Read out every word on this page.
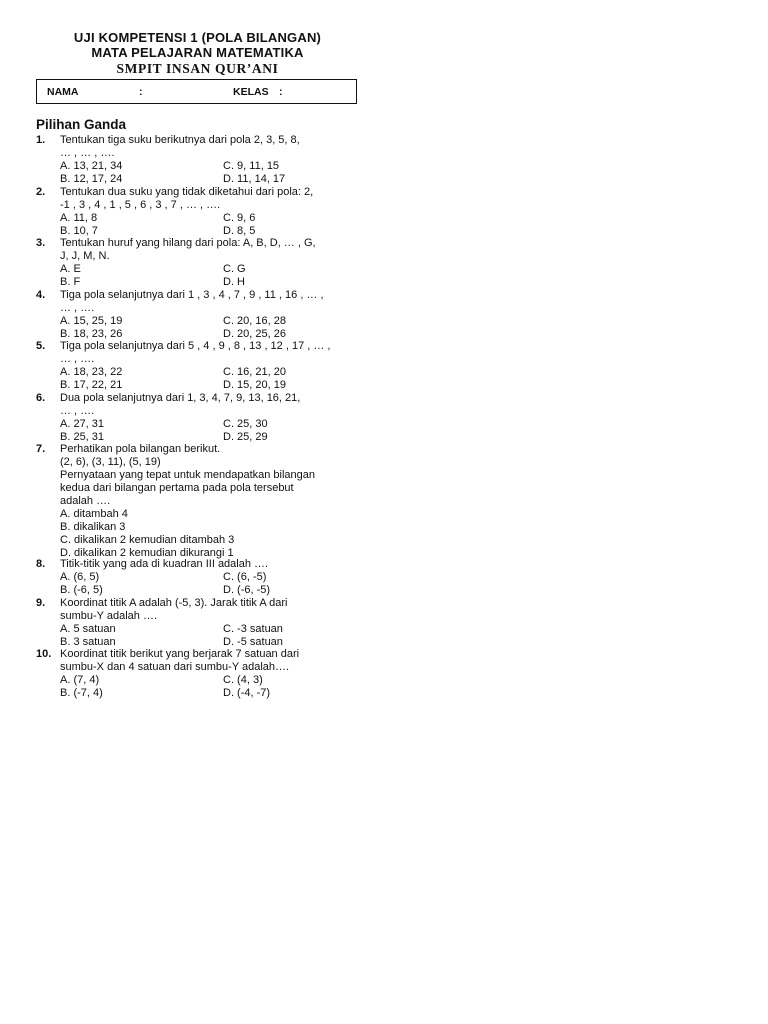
UJI KOMPETENSI 1 (POLA BILANGAN)
MATA PELAJARAN MATEMATIKA
SMPIT INSAN QUR’ANI
NAMA	:	KELAS :
Pilihan Ganda
1. Tentukan tiga suku berikutnya dari pola 2, 3, 5, 8,
… , … , ….
A. 13, 21, 34
B. 12, 17, 24
C. 9, 11, 15
D. 11, 14, 17
2. Tentukan dua suku yang tidak diketahui dari pola: 2,
-1 , 3 , 4 , 1 , 5 , 6 , 3 , 7 , … , ….
A. 11, 8
B. 10, 7
C. 9, 6
D. 8, 5
3. Tentukan huruf yang hilang dari pola: A, B, D, … , G,
J, J, M, N.
A. E
B. F
C. G
D. H
4. Tiga pola selanjutnya dari 1 , 3 , 4 , 7 , 9 , 11 , 16 , … ,
… , ….
A. 15, 25, 19
B. 18, 23, 26
C. 20, 16, 28
D. 20, 25, 26
5. Tiga pola selanjutnya dari 5 , 4 , 9 , 8 , 13 , 12 , 17 , … ,
… , ….
A. 18, 23, 22
B. 17, 22, 21
C. 16, 21, 20
D. 15, 20, 19
6. Dua pola selanjutnya dari 1, 3, 4, 7, 9, 13, 16, 21,
… , ….
A. 27, 31
B. 25, 31
C. 25, 30
D. 25, 29
7. Perhatikan pola bilangan berikut.
(2, 6), (3, 11), (5, 19)
Pernyataan yang tepat untuk mendapatkan bilangan
kedua dari bilangan pertama pada pola tersebut
adalah ….
A. ditambah 4
B. dikalikan 3
C. dikalikan 2 kemudian ditambah 3
D. dikalikan 2 kemudian dikurangi 1
8. Titik-titik yang ada di kuadran III adalah ….
A. (6, 5)
B. (-6, 5)
C. (6, -5)
D. (-6, -5)
9. Koordinat titik A adalah (-5, 3). Jarak titik A dari
sumbu-Y adalah ….
A. 5 satuan
B. 3 satuan
C. -3 satuan
D. -5 satuan
10. Koordinat titik berikut yang berjarak 7 satuan dari
sumbu-X dan 4 satuan dari sumbu-Y adalah….
A. (7, 4)
B. (-7, 4)
C. (4, 3)
D. (-4, -7)
